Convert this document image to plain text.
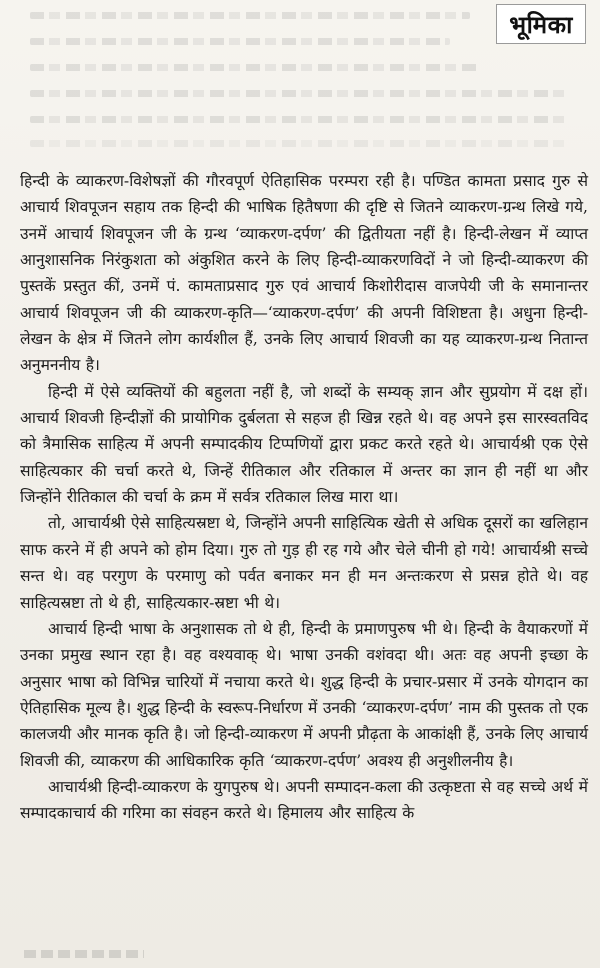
भूमिका

हिन्दी के व्याकरण-विशेषज्ञों की गौरवपूर्ण ऐतिहासिक परम्परा रही है। पण्डित कामता प्रसाद गुरु से आचार्य शिवपूजन सहाय तक हिन्दी की भाषिक हितैषणा की दृष्टि से जितने व्याकरण-ग्रन्थ लिखे गये, उनमें आचार्य शिवपूजन जी के ग्रन्थ ‘व्याकरण-दर्पण’ की द्वितीयता नहीं है। हिन्दी-लेखन में व्याप्त आनुशासनिक निरंकुशता को अंकुशित करने के लिए हिन्दी-व्याकरणविदों ने जो हिन्दी-व्याकरण की पुस्तकें प्रस्तुत कीं, उनमें पं. कामताप्रसाद गुरु एवं आचार्य किशोरीदास वाजपेयी जी के समानान्तर आचार्य शिवपूजन जी की व्याकरण-कृति—‘व्याकरण-दर्पण’ की अपनी विशिष्टता है। अधुना हिन्दी-लेखन के क्षेत्र में जितने लोग कार्यशील हैं, उनके लिए आचार्य शिवजी का यह व्याकरण-ग्रन्थ नितान्त अनुमननीय है।

हिन्दी में ऐसे व्यक्तियों की बहुलता नहीं है, जो शब्दों के सम्यक् ज्ञान और सुप्रयोग में दक्ष हों। आचार्य शिवजी हिन्दीज्ञों की प्रायोगिक दुर्बलता से सहज ही खिन्न रहते थे। वह अपने इस सारस्वतविद को त्रैमासिक साहित्य में अपनी सम्पादकीय टिप्पणियों द्वारा प्रकट करते रहते थे। आचार्यश्री एक ऐसे साहित्यकार की चर्चा करते थे, जिन्हें रीतिकाल और रतिकाल में अन्तर का ज्ञान ही नहीं था और जिन्होंने रीतिकाल की चर्चा के क्रम में सर्वत्र रतिकाल लिख मारा था।

तो, आचार्यश्री ऐसे साहित्यस्रष्टा थे, जिन्होंने अपनी साहित्यिक खेती से अधिक दूसरों का खलिहान साफ करने में ही अपने को होम दिया। गुरु तो गुड़ ही रह गये और चेले चीनी हो गये! आचार्यश्री सच्चे सन्त थे। वह परगुण के परमाणु को पर्वत बनाकर मन ही मन अन्तःकरण से प्रसन्न होते थे। वह साहित्यस्रष्टा तो थे ही, साहित्यकार-स्रष्टा भी थे।

आचार्य हिन्दी भाषा के अनुशासक तो थे ही, हिन्दी के प्रमाणपुरुष भी थे। हिन्दी के वैयाकरणों में उनका प्रमुख स्थान रहा है। वह वश्यवाक् थे। भाषा उनकी वशंवदा थी। अतः वह अपनी इच्छा के अनुसार भाषा को विभिन्न चारियों में नचाया करते थे। शुद्ध हिन्दी के प्रचार-प्रसार में उनके योगदान का ऐतिहासिक मूल्य है। शुद्ध हिन्दी के स्वरूप-निर्धारण में उनकी ‘व्याकरण-दर्पण’ नाम की पुस्तक तो एक कालजयी और मानक कृति है। जो हिन्दी-व्याकरण में अपनी प्रौढ़ता के आकांक्षी हैं, उनके लिए आचार्य शिवजी की, व्याकरण की आधिकारिक कृति ‘व्याकरण-दर्पण’ अवश्य ही अनुशीलनीय है।

आचार्यश्री हिन्दी-व्याकरण के युगपुरुष थे। अपनी सम्पादन-कला की उत्कृष्टता से वह सच्चे अर्थ में सम्पादकाचार्य की गरिमा का संवहन करते थे। हिमालय और साहित्य के
